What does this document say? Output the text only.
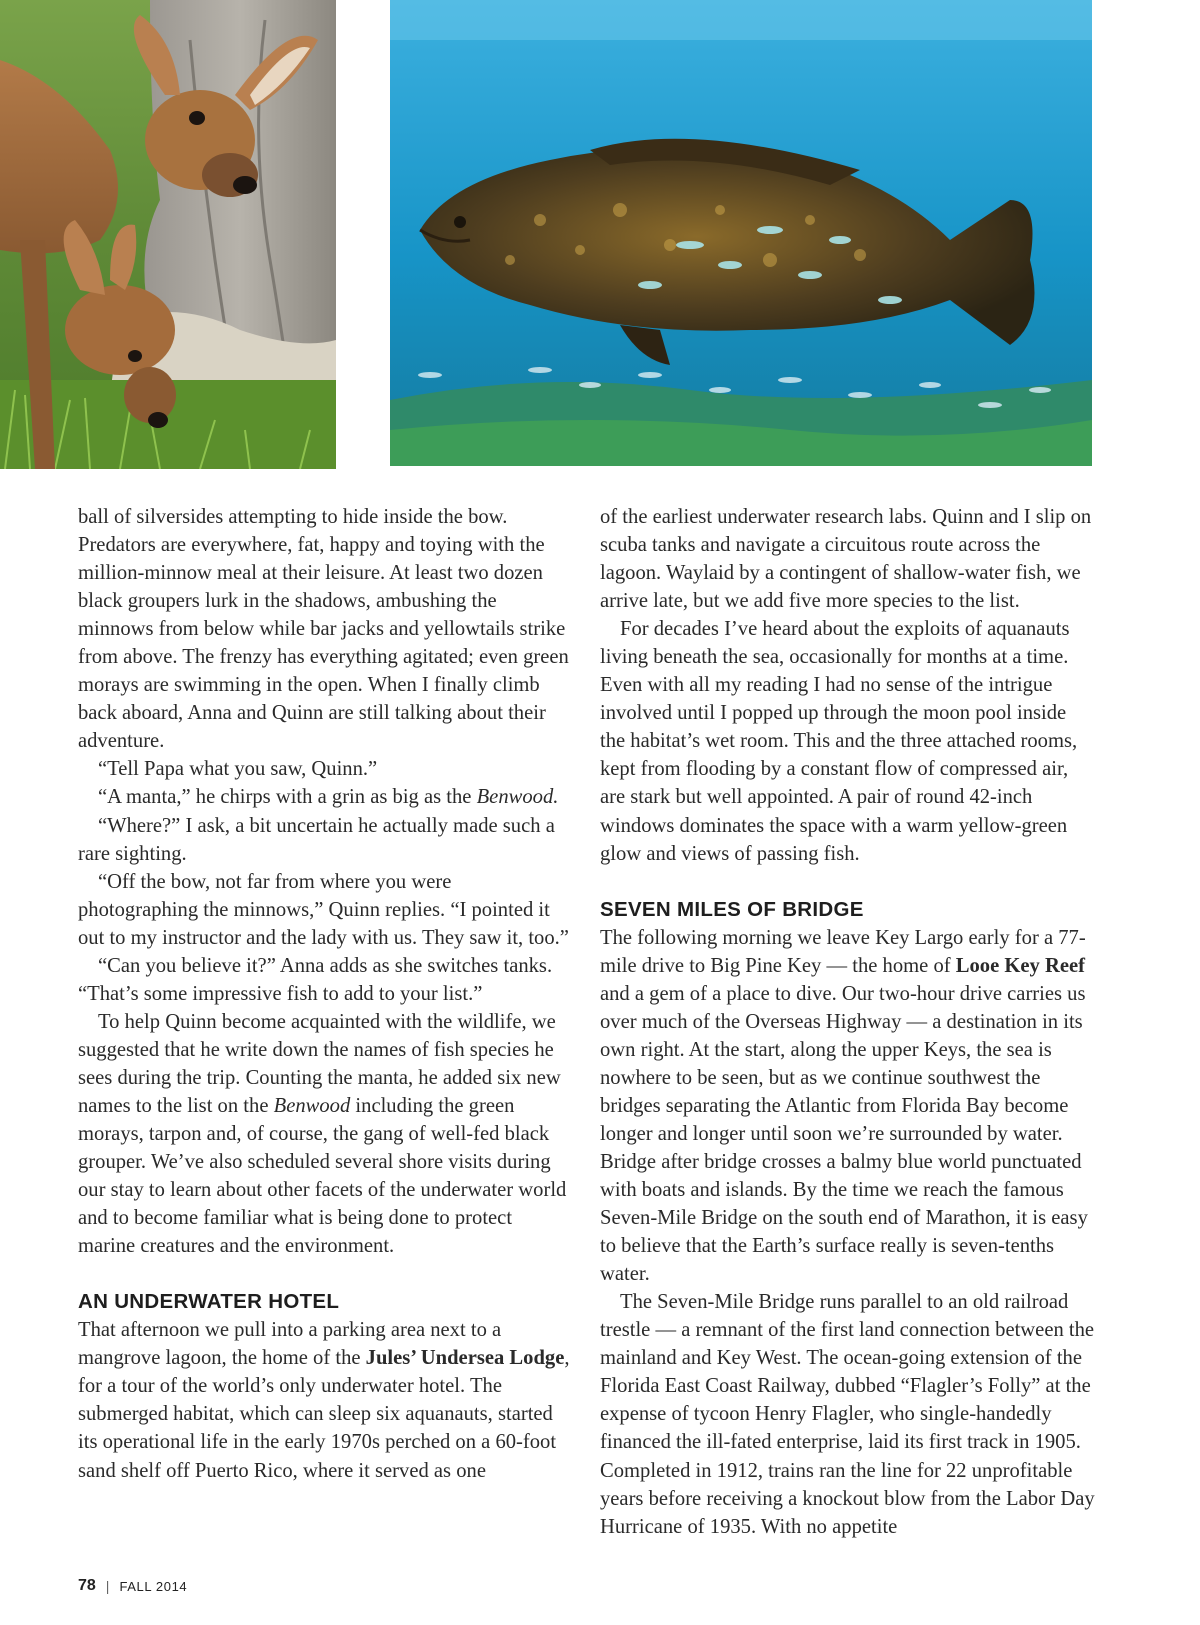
ball of silversides attempting to hide inside the bow. Predators are everywhere, fat, happy and toying with the million-minnow meal at their leisure. At least two dozen black groupers lurk in the shadows, ambushing the minnows from below while bar jacks and yellowtails strike from above. The frenzy has everything agitated; even green morays are swimming in the open. When I finally climb back aboard, Anna and Quinn are still talking about their adventure.

“Tell Papa what you saw, Quinn.”

“A manta,” he chirps with a grin as big as the Benwood.

“Where?” I ask, a bit uncertain he actually made such a rare sighting.

“Off the bow, not far from where you were photographing the minnows,” Quinn replies. “I pointed it out to my instructor and the lady with us. They saw it, too.”

“Can you believe it?” Anna adds as she switches tanks. “That’s some impressive fish to add to your list.”

To help Quinn become acquainted with the wildlife, we suggested that he write down the names of fish species he sees during the trip. Counting the manta, he added six new names to the list on the Benwood including the green morays, tarpon and, of course, the gang of well-fed black grouper. We’ve also scheduled several shore visits during our stay to learn about other facets of the underwater world and to become familiar what is being done to protect marine creatures and the environment.

AN UNDERWATER HOTEL

That afternoon we pull into a parking area next to a mangrove lagoon, the home of the Jules’ Undersea Lodge, for a tour of the world’s only underwater hotel. The submerged habitat, which can sleep six aquanauts, started its operational life in the early 1970s perched on a 60-foot sand shelf off Puerto Rico, where it served as one

of the earliest underwater research labs. Quinn and I slip on scuba tanks and navigate a circuitous route across the lagoon. Waylaid by a contingent of shallow-water fish, we arrive late, but we add five more species to the list.

For decades I’ve heard about the exploits of aquanauts living beneath the sea, occasionally for months at a time. Even with all my reading I had no sense of the intrigue involved until I popped up through the moon pool inside the habitat’s wet room. This and the three attached rooms, kept from flooding by a constant flow of compressed air, are stark but well appointed. A pair of round 42-inch windows dominates the space with a warm yellow-green glow and views of passing fish.

SEVEN MILES OF BRIDGE

The following morning we leave Key Largo early for a 77-mile drive to Big Pine Key — the home of Looe Key Reef and a gem of a place to dive. Our two-hour drive carries us over much of the Overseas Highway — a destination in its own right. At the start, along the upper Keys, the sea is nowhere to be seen, but as we continue southwest the bridges separating the Atlantic from Florida Bay become longer and longer until soon we’re surrounded by water. Bridge after bridge crosses a balmy blue world punctuated with boats and islands. By the time we reach the famous Seven-Mile Bridge on the south end of Marathon, it is easy to believe that the Earth’s surface really is seven-tenths water.

The Seven-Mile Bridge runs parallel to an old railroad trestle — a remnant of the first land connection between the mainland and Key West. The ocean-going extension of the Florida East Coast Railway, dubbed “Flagler’s Folly” at the expense of tycoon Henry Flagler, who single-handedly financed the ill-fated enterprise, laid its first track in 1905. Completed in 1912, trains ran the line for 22 unprofitable years before receiving a knockout blow from the Labor Day Hurricane of 1935. With no appetite

78 | FALL 2014
